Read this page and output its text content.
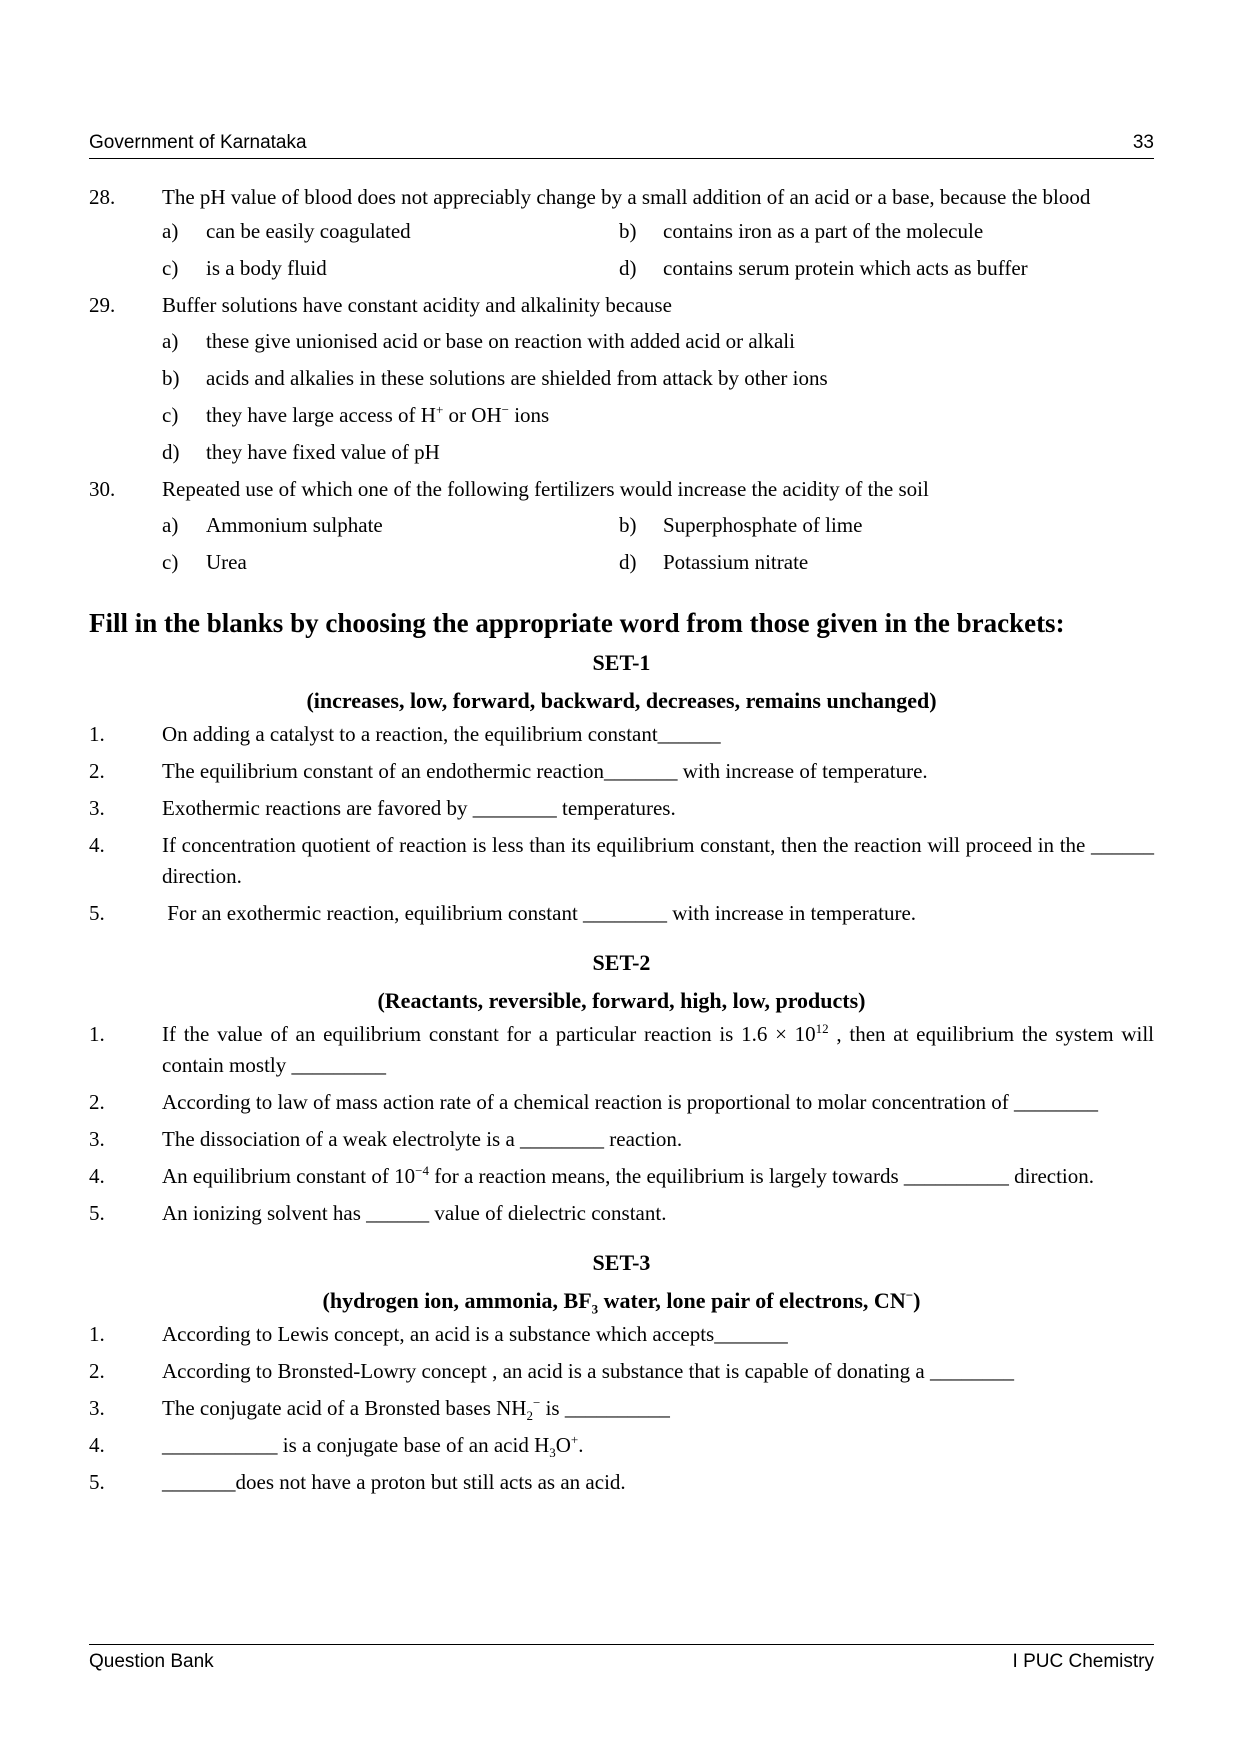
Government of Karnataka	33
28. The pH value of blood does not appreciably change by a small addition of an acid or a base, because the blood
a) can be easily coagulated	b) contains iron as a part of the molecule
c) is a body fluid	d) contains serum protein which acts as buffer
29. Buffer solutions have constant acidity and alkalinity because
a) these give unionised acid or base on reaction with added acid or alkali
b) acids and alkalies in these solutions are shielded from attack by other ions
c) they have large access of H+ or OH− ions
d) they have fixed value of pH
30. Repeated use of which one of the following fertilizers would increase the acidity of the soil
a) Ammonium sulphate	b) Superphosphate of lime
c) Urea	d) Potassium nitrate
Fill in the blanks by choosing the appropriate word from those given in the brackets:
SET-1
(increases, low, forward, backward, decreases, remains unchanged)
1.	On adding a catalyst to a reaction, the equilibrium constant______
2.	The equilibrium constant of an endothermic reaction_______ with increase of temperature.
3.	Exothermic reactions are favored by ________ temperatures.
4.	If concentration quotient of reaction is less than its equilibrium constant, then the reaction will proceed in the ______ direction.
5.	For an exothermic reaction, equilibrium constant ________ with increase in temperature.
SET-2
(Reactants, reversible, forward, high, low, products)
1.	If the value of an equilibrium constant for a particular reaction is $1.6 \times 10^{12}$ , then at equilibrium the system will contain mostly _________
2.	According to law of mass action rate of a chemical reaction is proportional to molar concentration of ________
3.	The dissociation of a weak electrolyte is a ________ reaction.
4.	An equilibrium constant of $10^{-4}$ for a reaction means, the equilibrium is largely towards __________ direction.
5.	An ionizing solvent has ______ value of dielectric constant.
SET-3
(hydrogen ion, ammonia, $BF_3$ water, lone pair of electrons, CN−)
1.	According to Lewis concept, an acid is a substance which accepts_______
2.	According to Bronsted-Lowry concept , an acid is a substance that is capable of donating a ________
3.	The conjugate acid of a Bronsted bases $NH_2^-$ is __________
4.	___________ is a conjugate base of an acid $H_3O^+$.
5.	_______does not have a proton but still acts as an acid.
Question Bank	I PUC Chemistry
